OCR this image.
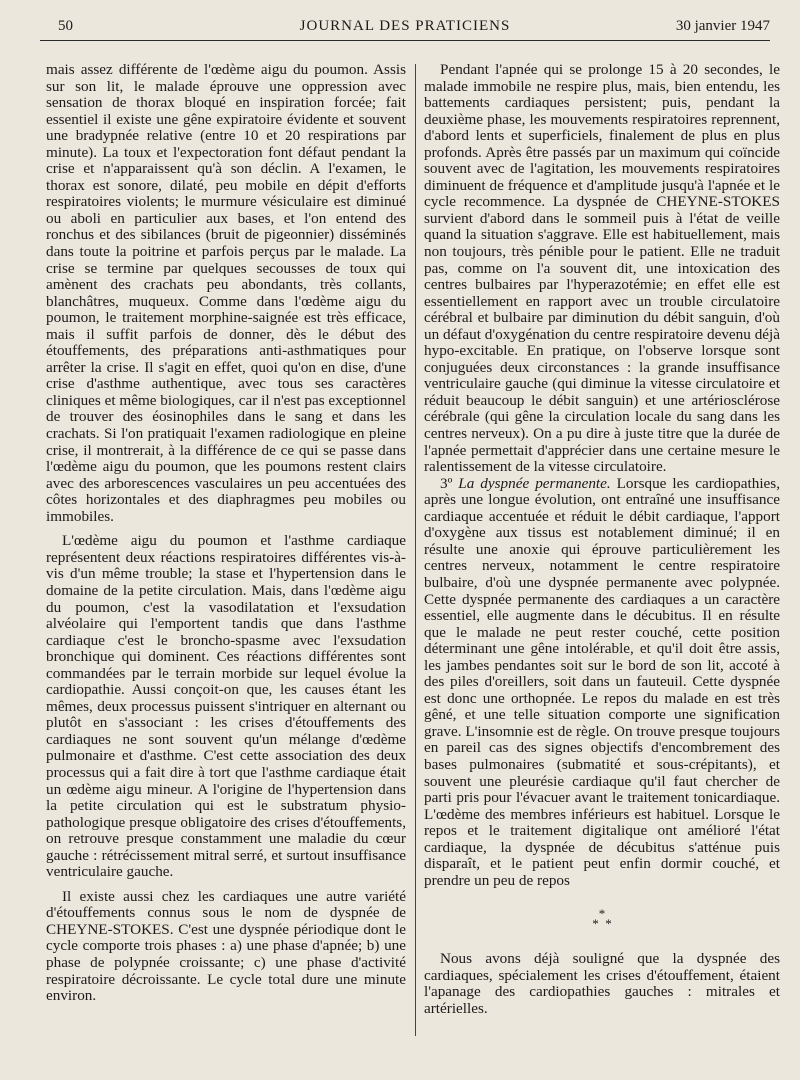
50	JOURNAL DES PRATICIENS	30 janvier 1947

mais assez différente de l'œdème aigu du poumon. Assis sur son lit, le malade éprouve une oppression avec sensation de thorax bloqué en inspiration forcée; fait essentiel il existe une gêne expiratoire évidente et souvent une bradypnée relative (entre 10 et 20 respirations par minute). La toux et l'expectoration font défaut pendant la crise et n'apparaissent qu'à son déclin. A l'examen, le thorax est sonore, dilaté, peu mobile en dépit d'efforts respiratoires violents; le murmure vésiculaire est diminué ou aboli en particulier aux bases, et l'on entend des ronchus et des sibilances (bruit de pigeonnier) disséminés dans toute la poitrine et parfois perçus par le malade. La crise se termine par quelques secousses de toux qui amènent des crachats peu abondants, très collants, blanchâtres, muqueux. Comme dans l'œdème aigu du poumon, le traitement morphine-saignée est très efficace, mais il suffit parfois de donner, dès le début des étouffements, des préparations anti-asthmatiques pour arrêter la crise. Il s'agit en effet, quoi qu'on en dise, d'une crise d'asthme authentique, avec tous ses caractères cliniques et même biologiques, car il n'est pas exceptionnel de trouver des éosinophiles dans le sang et dans les crachats. Si l'on pratiquait l'examen radiologique en pleine crise, il montrerait, à la différence de ce qui se passe dans l'œdème aigu du poumon, que les poumons restent clairs avec des arborescences vasculaires un peu accentuées des côtes horizontales et des diaphragmes peu mobiles ou immobiles.

L'œdème aigu du poumon et l'asthme cardiaque représentent deux réactions respiratoires différentes vis-à-vis d'un même trouble; la stase et l'hypertension dans le domaine de la petite circulation. Mais, dans l'œdème aigu du poumon, c'est la vasodilatation et l'exsudation alvéolaire qui l'emportent tandis que dans l'asthme cardiaque c'est le broncho-spasme avec l'exsudation bronchique qui dominent. Ces réactions différentes sont commandées par le terrain morbide sur lequel évolue la cardiopathie. Aussi conçoit-on que, les causes étant les mêmes, deux processus puissent s'intriquer en alternant ou plutôt en s'associant : les crises d'étouffements des cardiaques ne sont souvent qu'un mélange d'œdème pulmonaire et d'asthme. C'est cette association des deux processus qui a fait dire à tort que l'asthme cardiaque était un œdème aigu mineur. A l'origine de l'hypertension dans la petite circulation qui est le substratum physio-pathologique presque obligatoire des crises d'étouffements, on retrouve presque constamment une maladie du cœur gauche : rétrécissement mitral serré, et surtout insuffisance ventriculaire gauche.

Il existe aussi chez les cardiaques une autre variété d'étouffements connus sous le nom de dyspnée de CHEYNE-STOKES. C'est une dyspnée périodique dont le cycle comporte trois phases : a) une phase d'apnée; b) une phase de polypnée croissante; c) une phase d'activité respiratoire décroissante. Le cycle total dure une minute environ.

Pendant l'apnée qui se prolonge 15 à 20 secondes, le malade immobile ne respire plus, mais, bien entendu, les battements cardiaques persistent; puis, pendant la deuxième phase, les mouvements respiratoires reprennent, d'abord lents et superficiels, finalement de plus en plus profonds. Après être passés par un maximum qui coïncide souvent avec de l'agitation, les mouvements respiratoires diminuent de fréquence et d'amplitude jusqu'à l'apnée et le cycle recommence. La dyspnée de CHEYNE-STOKES survient d'abord dans le sommeil puis à l'état de veille quand la situation s'aggrave. Elle est habituellement, mais non toujours, très pénible pour le patient. Elle ne traduit pas, comme on l'a souvent dit, une intoxication des centres bulbaires par l'hyperazotémie; en effet elle est essentiellement en rapport avec un trouble circulatoire cérébral et bulbaire par diminution du débit sanguin, d'où un défaut d'oxygénation du centre respiratoire devenu déjà hypo-excitable. En pratique, on l'observe lorsque sont conjuguées deux circonstances : la grande insuffisance ventriculaire gauche (qui diminue la vitesse circulatoire et réduit beaucoup le débit sanguin) et une artériosclérose cérébrale (qui gêne la circulation locale du sang dans les centres nerveux). On a pu dire à juste titre que la durée de l'apnée permettait d'apprécier dans une certaine mesure le ralentissement de la vitesse circulatoire.

3º La dyspnée permanente. Lorsque les cardiopathies, après une longue évolution, ont entraîné une insuffisance cardiaque accentuée et réduit le débit cardiaque, l'apport d'oxygène aux tissus est notablement diminué; il en résulte une anoxie qui éprouve particulièrement les centres nerveux, notamment le centre respiratoire bulbaire, d'où une dyspnée permanente avec polypnée. Cette dyspnée permanente des cardiaques a un caractère essentiel, elle augmente dans le décubitus. Il en résulte que le malade ne peut rester couché, cette position déterminant une gêne intolérable, et qu'il doit être assis, les jambes pendantes soit sur le bord de son lit, accoté à des piles d'oreillers, soit dans un fauteuil. Cette dyspnée est donc une orthopnée. Le repos du malade en est très gêné, et une telle situation comporte une signification grave. L'insomnie est de règle. On trouve presque toujours en pareil cas des signes objectifs d'encombrement des bases pulmonaires (submatité et sous-crépitants), et souvent une pleurésie cardiaque qu'il faut chercher de parti pris pour l'évacuer avant le traitement tonicardiaque. L'œdème des membres inférieurs est habituel. Lorsque le repos et le traitement digitalique ont amélioré l'état cardiaque, la dyspnée de décubitus s'atténue puis disparaît, et le patient peut enfin dormir couché, et prendre un peu de repos

*
* *

Nous avons déjà souligné que la dyspnée des cardiaques, spécialement les crises d'étouffement, étaient l'apanage des cardiopathies gauches : mitrales et artérielles.
